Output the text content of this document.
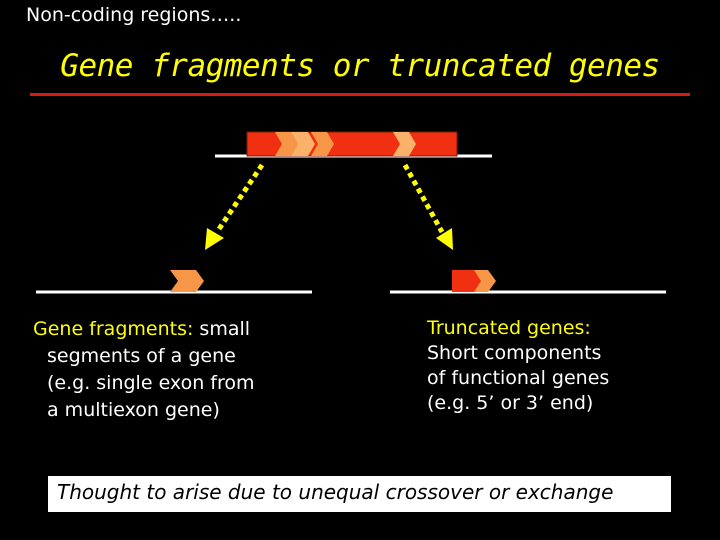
Non-coding regions…..
Gene fragments or truncated genes
Gene fragments: small
segments of a gene
(e.g. single exon from
a multiexon gene)
Truncated genes:
Short components
of functional genes
(e.g. 5’ or 3’ end)
Thought to arise due to unequal crossover or exchange
